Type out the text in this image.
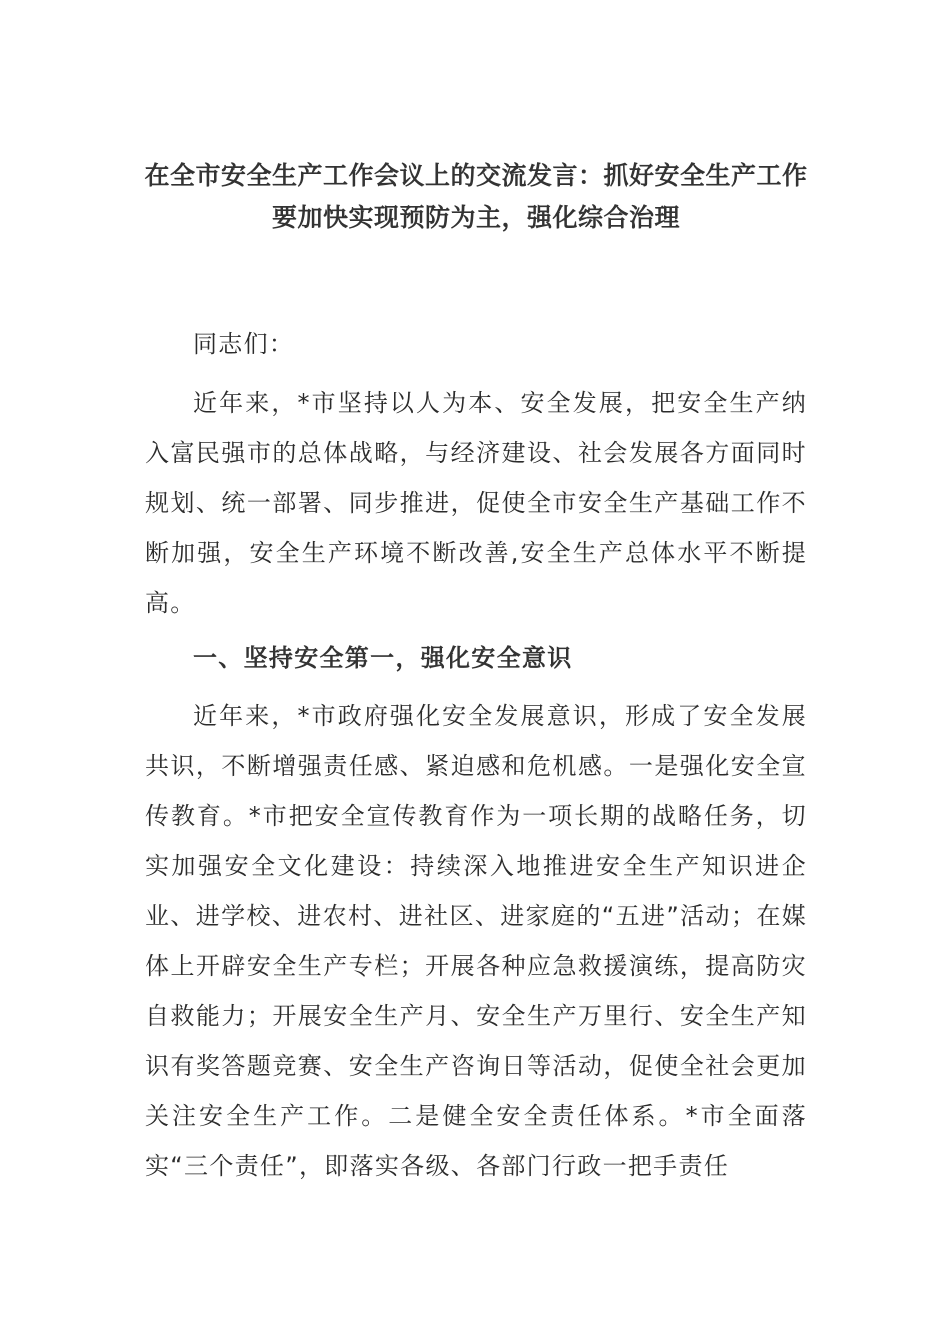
在全市安全生产工作会议上的交流发言：抓好安全生产工作要加快实现预防为主，强化综合治理

同志们：

近年来，*市坚持以人为本、安全发展，把安全生产纳入富民强市的总体战略，与经济建设、社会发展各方面同时规划、统一部署、同步推进，促使全市安全生产基础工作不断加强，安全生产环境不断改善,安全生产总体水平不断提高。

一、坚持安全第一，强化安全意识

近年来，*市政府强化安全发展意识，形成了安全发展共识，不断增强责任感、紧迫感和危机感。一是强化安全宣传教育。*市把安全宣传教育作为一项长期的战略任务，切实加强安全文化建设：持续深入地推进安全生产知识进企业、进学校、进农村、进社区、进家庭的“五进”活动；在媒体上开辟安全生产专栏；开展各种应急救援演练，提高防灾自救能力；开展安全生产月、安全生产万里行、安全生产知识有奖答题竞赛、安全生产咨询日等活动，促使全社会更加关注安全生产工作。二是健全安全责任体系。*市全面落实“三个责任”，即落实各级、各部门行政一把手责任
